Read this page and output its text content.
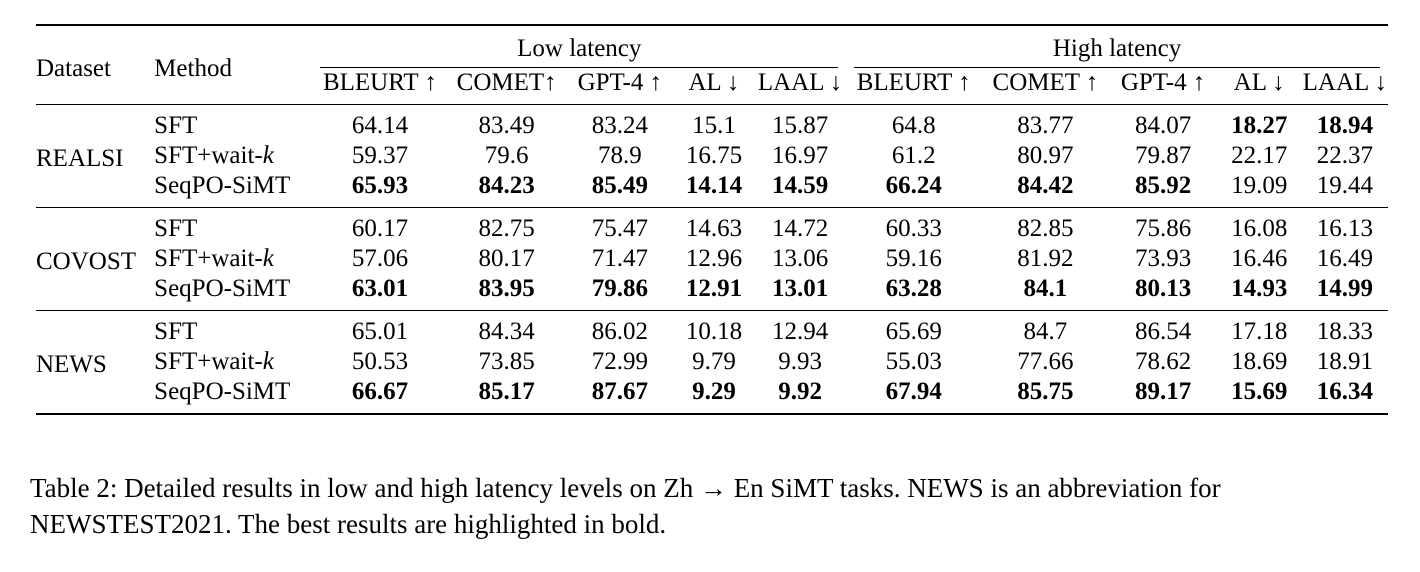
Dataset	Method	Low latency					High latency				

		BLEURT ↑	COMET↑	GPT-4 ↑	AL ↓	LAAL ↓	BLEURT ↑	COMET ↑	GPT-4 ↑	AL ↓	LAAL ↓
REALSI	SFT	64.14	83.49	83.24	15.1	15.87	64.8	83.77	84.07	18.27	18.94
	SFT+wait-k	59.37	79.6	78.9	16.75	16.97	61.2	80.97	79.87	22.17	22.37
	SeqPO-SiMT	65.93	84.23	85.49	14.14	14.59	66.24	84.42	85.92	19.09	19.44
COVOST	SFT	60.17	82.75	75.47	14.63	14.72	60.33	82.85	75.86	16.08	16.13
	SFT+wait-k	57.06	80.17	71.47	12.96	13.06	59.16	81.92	73.93	16.46	16.49
	SeqPO-SiMT	63.01	83.95	79.86	12.91	13.01	63.28	84.1	80.13	14.93	14.99
NEWS	SFT	65.01	84.34	86.02	10.18	12.94	65.69	84.7	86.54	17.18	18.33
	SFT+wait-k	50.53	73.85	72.99	9.79	9.93	55.03	77.66	78.62	18.69	18.91
	SeqPO-SiMT	66.67	85.17	87.67	9.29	9.92	67.94	85.75	89.17	15.69	16.34
Table 2: Detailed results in low and high latency levels on Zh → En SiMT tasks. NEWS is an abbreviation for NEWSTEST2021. The best results are highlighted in bold.
